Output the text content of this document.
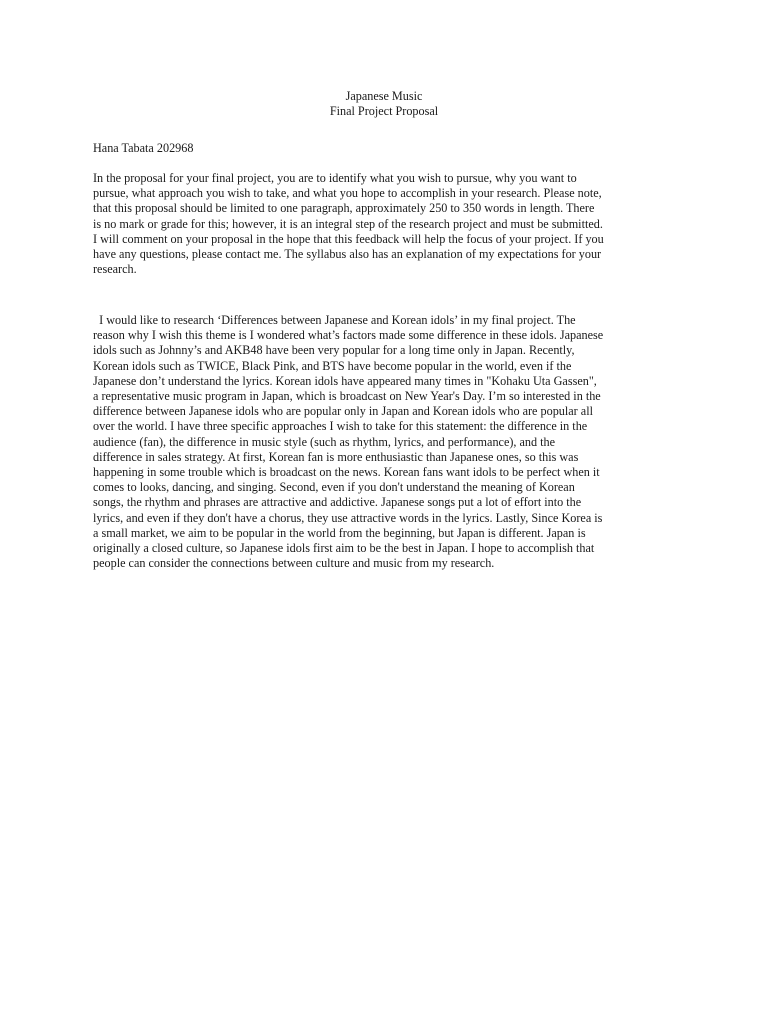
Japanese Music
Final Project Proposal
Hana Tabata 202968
In the proposal for your final project, you are to identify what you wish to pursue, why you want to
pursue, what approach you wish to take, and what you hope to accomplish in your research. Please note,
that this proposal should be limited to one paragraph, approximately 250 to 350 words in length. There
is no mark or grade for this; however, it is an integral step of the research project and must be submitted.
I will comment on your proposal in the hope that this feedback will help the focus of your project. If you
have any questions, please contact me. The syllabus also has an explanation of my expectations for your
research.
I would like to research ‘Differences between Japanese and Korean idols’ in my final project. The
reason why I wish this theme is I wondered what’s factors made some difference in these idols. Japanese
idols such as Johnny’s and AKB48 have been very popular for a long time only in Japan. Recently,
Korean idols such as TWICE, Black Pink, and BTS have become popular in the world, even if the
Japanese don’t understand the lyrics. Korean idols have appeared many times in "Kohaku Uta Gassen",
a representative music program in Japan, which is broadcast on New Year's Day. I’m so interested in the
difference between Japanese idols who are popular only in Japan and Korean idols who are popular all
over the world. I have three specific approaches I wish to take for this statement: the difference in the
audience (fan), the difference in music style (such as rhythm, lyrics, and performance), and the
difference in sales strategy. At first, Korean fan is more enthusiastic than Japanese ones, so this was
happening in some trouble which is broadcast on the news. Korean fans want idols to be perfect when it
comes to looks, dancing, and singing. Second, even if you don't understand the meaning of Korean
songs, the rhythm and phrases are attractive and addictive. Japanese songs put a lot of effort into the
lyrics, and even if they don't have a chorus, they use attractive words in the lyrics. Lastly, Since Korea is
a small market, we aim to be popular in the world from the beginning, but Japan is different. Japan is
originally a closed culture, so Japanese idols first aim to be the best in Japan. I hope to accomplish that
people can consider the connections between culture and music from my research.
